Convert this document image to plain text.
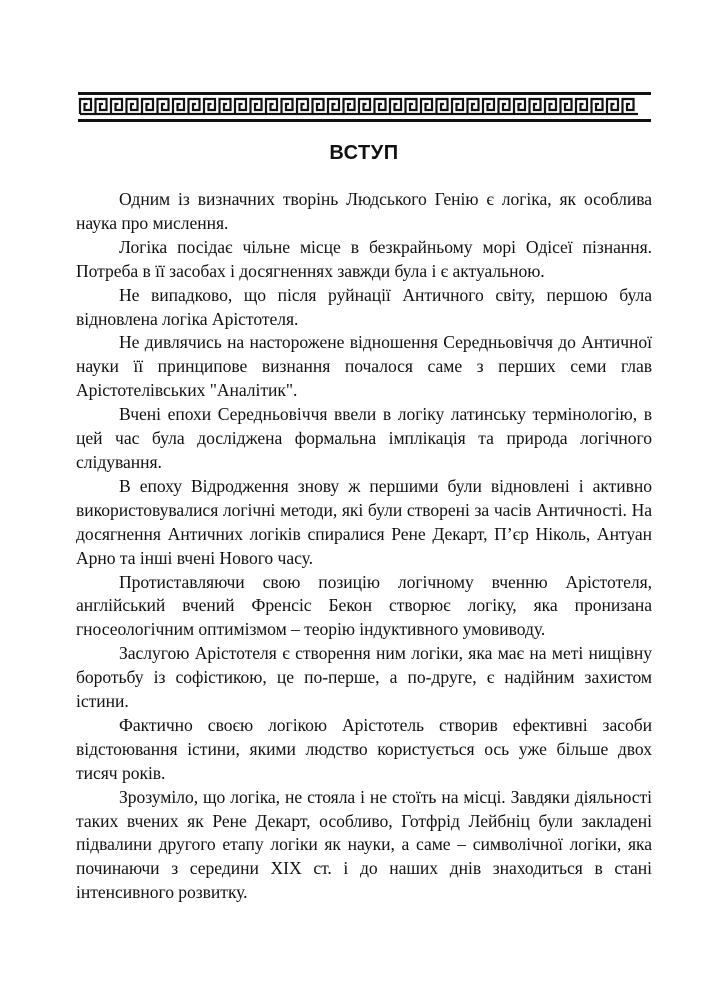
ВСТУП

Одним із визначних творінь Людського Генію є логіка, як особлива наука про мислення.

Логіка посідає чільне місце в безкрайньому морі Одісеї пізнання. Потреба в її засобах і досягненнях завжди була і є актуальною.

Не випадково, що після руйнації Античного світу, першою була відновлена логіка Арістотеля.

Не дивлячись на насторожене відношення Середньовіччя до Античної науки її принципове визнання почалося саме з перших семи глав Арістотелівських "Аналітик".

Вчені епохи Середньовіччя ввели в логіку латинську термінологію, в цей час була досліджена формальна імплікація та природа логічного слідування.

В епоху Відродження знову ж першими були відновлені і активно використовувалися логічні методи, які були створені за часів Античності. На досягнення Античних логіків спиралися Рене Декарт, П’єр Ніколь, Антуан Арно та інші вчені Нового часу.

Протиставляючи свою позицію логічному вченню Арістотеля, англійський вчений Френсіс Бекон створює логіку, яка пронизана гносеологічним оптимізмом – теорію індуктивного умовиводу.

Заслугою Арістотеля є створення ним логіки, яка має на меті нищівну боротьбу із софістикою, це по-перше, а по-друге, є надійним захистом істини.

Фактично своєю логікою Арістотель створив ефективні засоби відстоювання істини, якими людство користується ось уже більше двох тисяч років.

Зрозуміло, що логіка, не стояла і не стоїть на місці. Завдяки діяльності таких вчених як Рене Декарт, особливо, Готфрід Лейбніц були закладені підвалини другого етапу логіки як науки, а саме – символічної логіки, яка починаючи з середини ХІХ ст. і до наших днів знаходиться в стані інтенсивного розвитку.
